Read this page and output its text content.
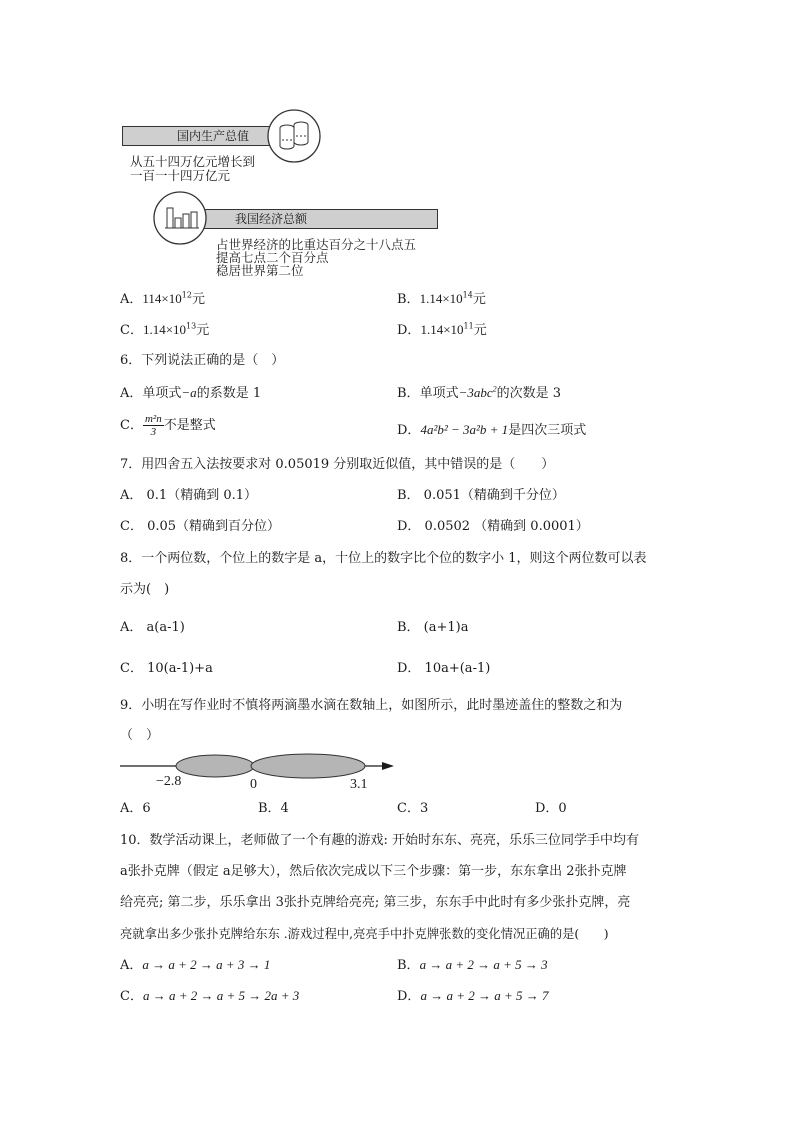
国内生产总值
从五十四万亿元增长到
一百一十四万亿元
我国经济总额
占世界经济的比重达百分之十八点五
提高七点二个百分点
稳居世界第二位
A．$114\times 10^{12}$元	B．$1.14\times 10^{14}$元
C．$1.14\times 10^{13}$元	D．$1.14\times 10^{11}$元
6．下列说法正确的是（　）
A．单项式−a的系数是 1	B．单项式−3abc$^2$的次数是 3
C． $\frac{\text{m²n}}{3}$ 不是整式	D．4a²b² − 3a²b + 1是四次三项式
7．用四舍五入法按要求对 0.05019 分别取近似值，其中错误的是（　　）
A． 0.1（精确到 0.1）	B． 0.051（精确到千分位）
C． 0.05（精确到百分位）	D． 0.0502 （精确到 0.0001）
8．一个两位数，个位上的数字是 a，十位上的数字比个位的数字小 1，则这个两位数可以表
示为(　)
A． a(a-1)	B． (a+1)a
C． 10(a-1)+a	D． 10a+(a-1)
9．小明在写作业时不慎将两滴墨水滴在数轴上，如图所示，此时墨迹盖住的整数之和为
（　）
−2.8	0	3.1
A．6	B．4	C．3	D．0
10．数学活动课上，老师做了一个有趣的游戏: 开始时东东、亮亮，乐乐三位同学手中均有
a张扑克牌（假定 a足够大），然后依次完成以下三个步骤：第一步，东东拿出 2张扑克牌
给亮亮; 第二步，乐乐拿出 3张扑克牌给亮亮; 第三步，东东手中此时有多少张扑克牌，亮
亮就拿出多少张扑克牌给东东 .游戏过程中,亮亮手中扑克牌张数的变化情况正确的是(　　)
A．a → a + 2 → a + 3 → 1	B．a → a + 2 → a + 5 → 3
C．a → a + 2 → a + 5 → 2a + 3	D．a → a + 2 → a + 5 → 7
